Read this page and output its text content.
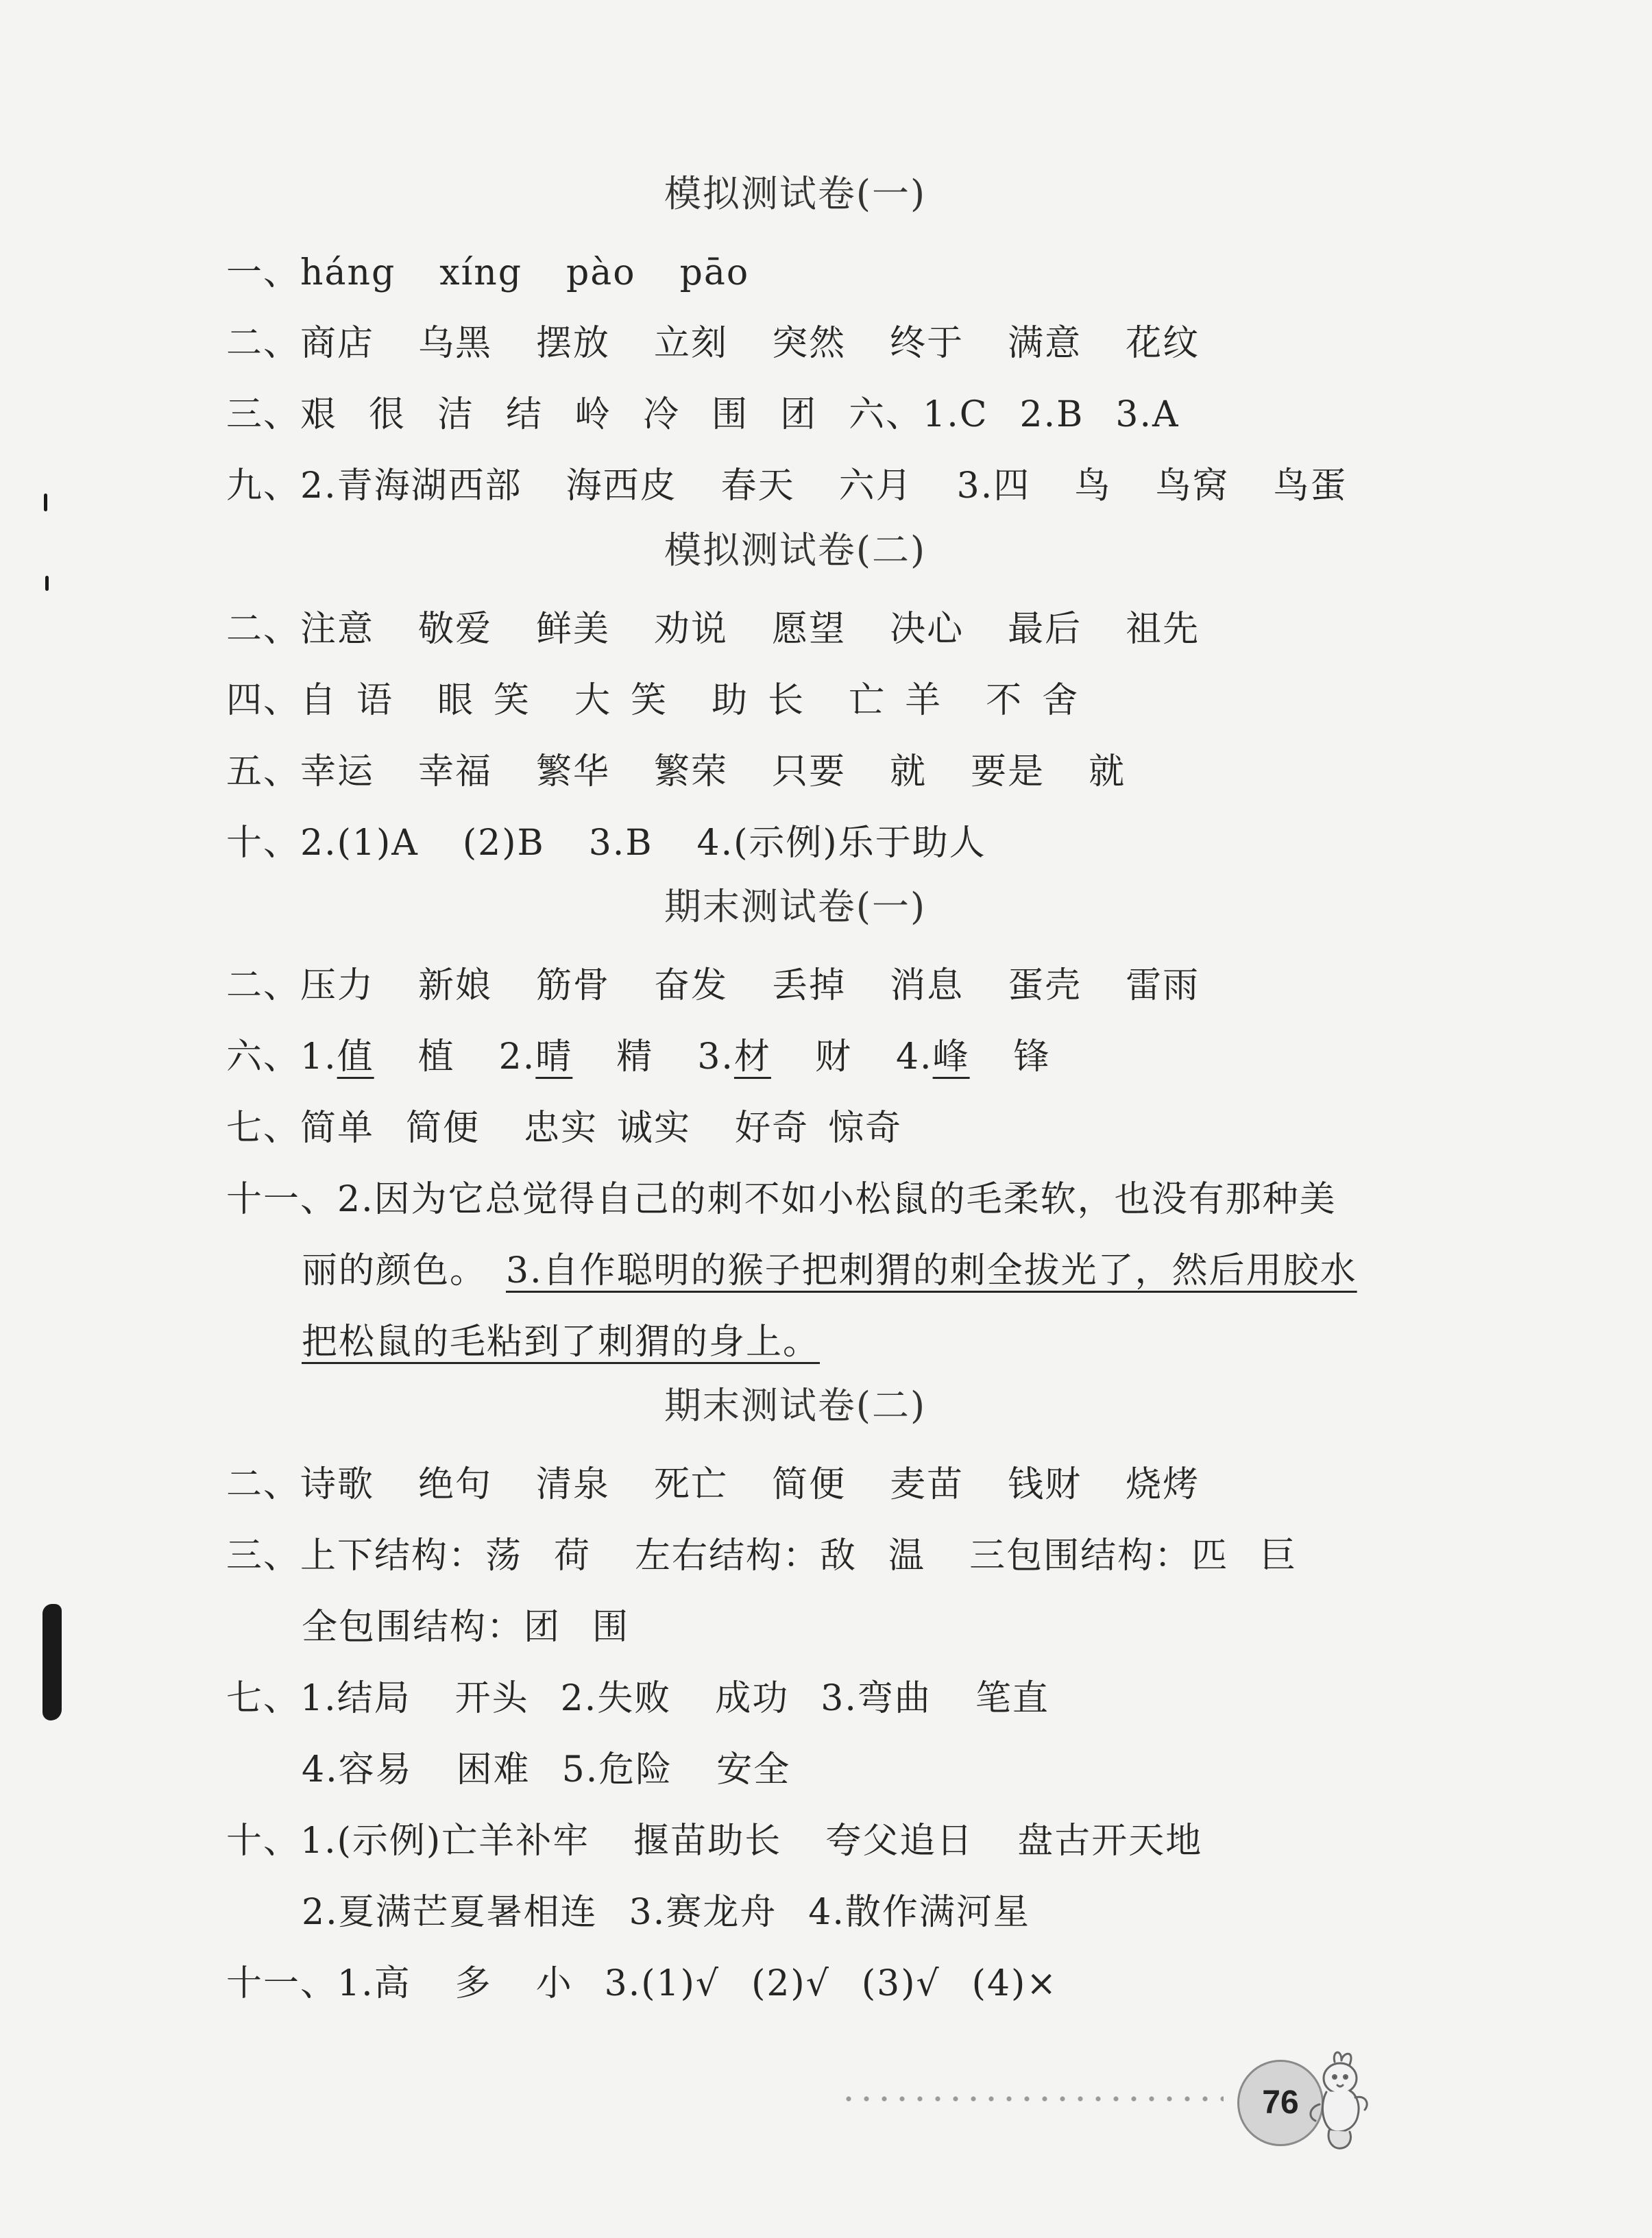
模拟测试卷(一)
一、háng xíng pào pāo
二、商店 乌黑 摆放 立刻 突然 终于 满意 花纹
三、艰 很 洁 结 岭 冷 围 团 六、1.C 2.B 3.A
九、2.青海湖西部 海西皮 春天 六月 3.四 鸟 鸟窝 鸟蛋
模拟测试卷(二)
二、注意 敬爱 鲜美 劝说 愿望 决心 最后 祖先
四、自 语 眼 笑 大 笑 助 长 亡 羊 不 舍
五、幸运 幸福 繁华 繁荣 只要 就 要是 就
十、2.(1)A (2)B 3.B 4.(示例)乐于助人
期末测试卷(一)
二、压力 新娘 筋骨 奋发 丢掉 消息 蛋壳 雷雨
六、1.值 植 2.晴 精 3.材 财 4.峰 锋
七、简单 简便 忠实 诚实 好奇 惊奇
十一、2.因为它总觉得自己的刺不如小松鼠的毛柔软，也没有那种美
丽的颜色。 3.自作聪明的猴子把刺猬的刺全拔光了，然后用胶水
把松鼠的毛粘到了刺猬的身上。
期末测试卷(二)
二、诗歌 绝句 清泉 死亡 简便 麦苗 钱财 烧烤
三、上下结构：荡 荷 左右结构：敌 温 三包围结构：匹 巨
全包围结构：团 围
七、1.结局 开头 2.失败 成功 3.弯曲 笔直
4.容易 困难 5.危险 安全
十、1.(示例)亡羊补牢 揠苗助长 夸父追日 盘古开天地
2.夏满芒夏暑相连 3.赛龙舟 4.散作满河星
十一、1.高 多 小 3.(1)√ (2)√ (3)√ (4)×
76
